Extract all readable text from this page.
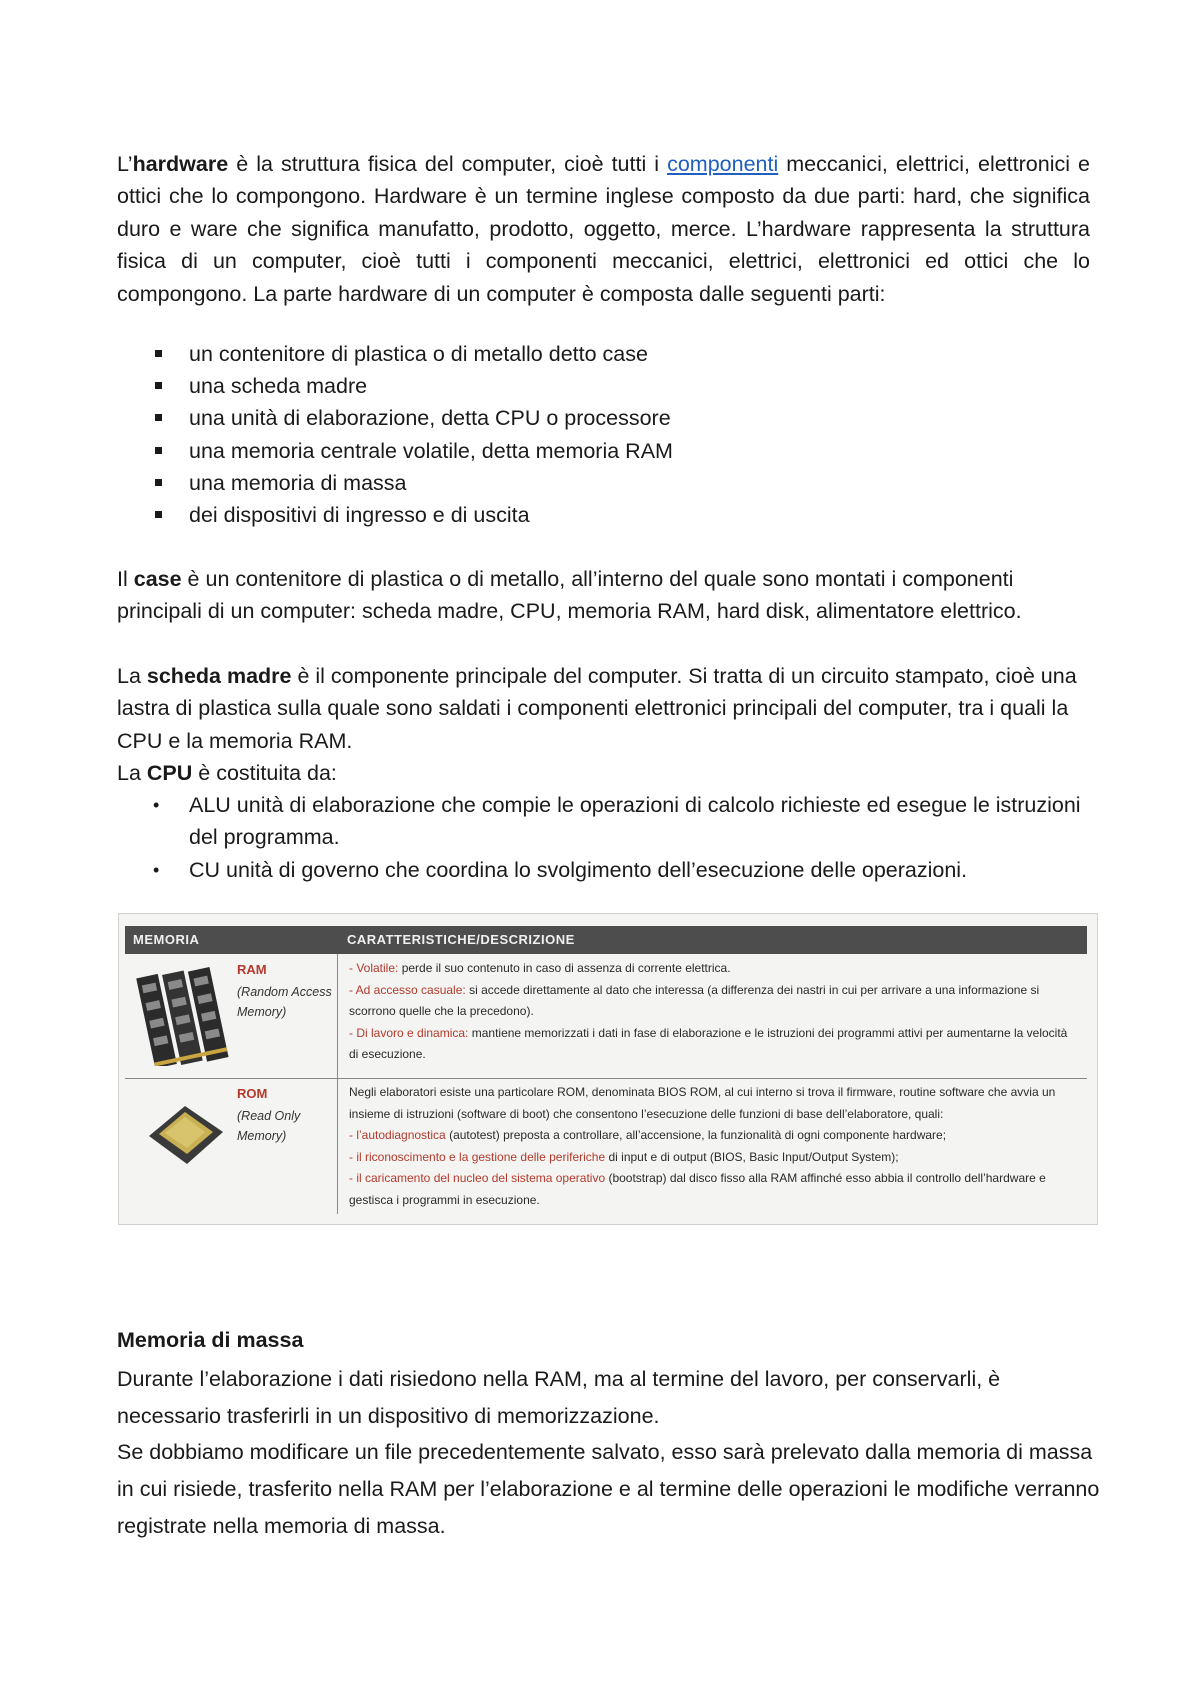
L’hardware è la struttura fisica del computer, cioè tutti i componenti meccanici, elettrici, elettronici e ottici che lo compongono. Hardware è un termine inglese composto da due parti: hard, che significa duro e ware che significa manufatto, prodotto, oggetto, merce. L’hardware rappresenta la struttura fisica di un computer, cioè tutti i componenti meccanici, elettrici, elettronici ed ottici che lo compongono. La parte hardware di un computer è composta dalle seguenti parti:

un contenitore di plastica o di metallo detto case
una scheda madre
una unità di elaborazione, detta CPU o processore
una memoria centrale volatile, detta memoria RAM
una memoria di massa
dei dispositivi di ingresso e di uscita

Il case è un contenitore di plastica o di metallo, all’interno del quale sono montati i componenti principali di un computer: scheda madre, CPU, memoria RAM, hard disk, alimentatore elettrico.

La scheda madre è il componente principale del computer. Si tratta di un circuito stampato, cioè una lastra di plastica sulla quale sono saldati i componenti elettronici principali del computer, tra i quali la CPU e la memoria RAM.

La CPU è costituita da:

• ALU unità di elaborazione che compie le operazioni di calcolo richieste ed esegue le istruzioni del programma.
• CU unità di governo che coordina lo svolgimento dell’esecuzione delle operazioni.
MEMORIA	CARATTERISTICHE/DESCRIZIONE
RAM
(Random Access
Memory)
- Volatile: perde il suo contenuto in caso di assenza di corrente elettrica.
- Ad accesso casuale: si accede direttamente al dato che interessa (a differenza dei nastri in cui per arrivare a una informazione si scorrono quelle che la precedono).
- Di lavoro e dinamica: mantiene memorizzati i dati in fase di elaborazione e le istruzioni dei programmi attivi per aumentarne la velocità di esecuzione.
ROM
(Read Only
Memory)
Negli elaboratori esiste una particolare ROM, denominata BIOS ROM, al cui interno si trova il firmware, routine software che avvia un insieme di istruzioni (software di boot) che consentono l’esecuzione delle funzioni di base dell’elaboratore, quali:
- l’autodiagnostica (autotest) preposta a controllare, all’accensione, la funzionalità di ogni componente hardware;
- il riconoscimento e la gestione delle periferiche di input e di output (BIOS, Basic Input/Output System);
- il caricamento del nucleo del sistema operativo (bootstrap) dal disco fisso alla RAM affinché esso abbia il controllo dell’hardware e gestisca i programmi in esecuzione.
Memoria di massa
Durante l’elaborazione i dati risiedono nella RAM, ma al termine del lavoro, per conservarli, è necessario trasferirli in un dispositivo di memorizzazione.
Se dobbiamo modificare un file precedentemente salvato, esso sarà prelevato dalla memoria di massa in cui risiede, trasferito nella RAM per l’elaborazione e al termine delle operazioni le modifiche verranno registrate nella memoria di massa.
